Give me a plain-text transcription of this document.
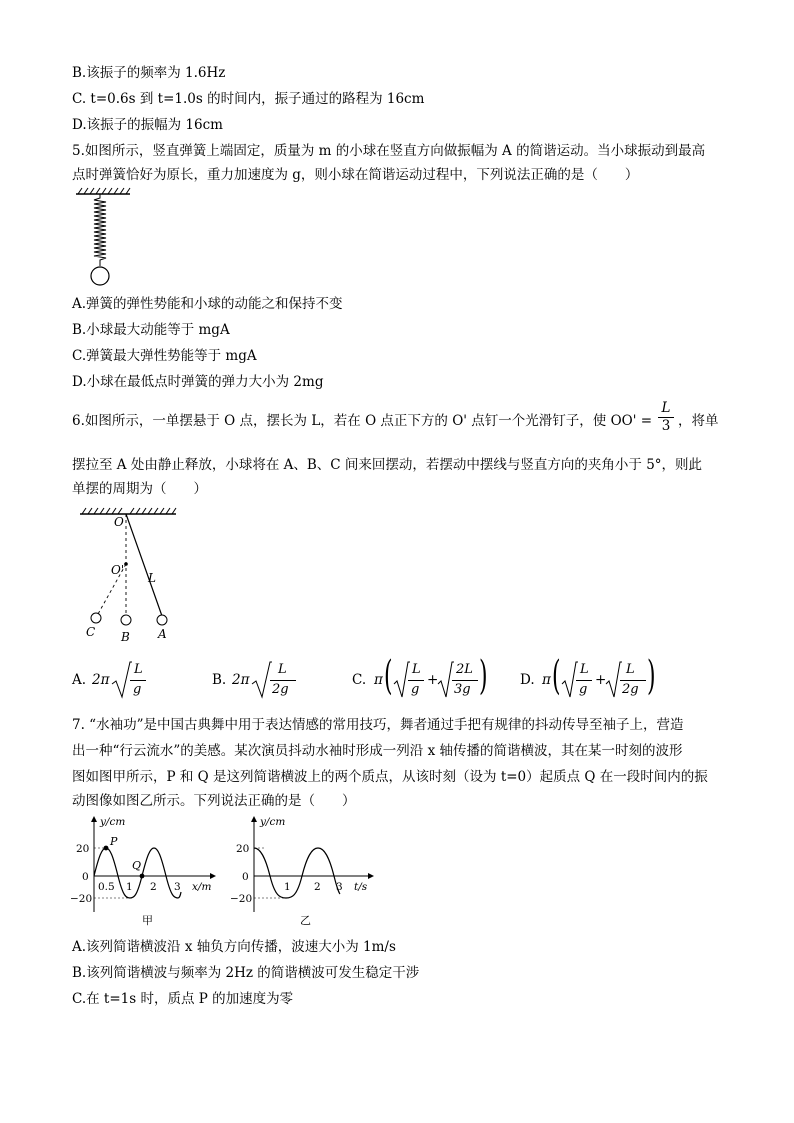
B.该振子的频率为 1.6Hz
C. t=0.6s 到 t=1.0s 的时间内，振子通过的路程为 16cm
D.该振子的振幅为 16cm
5.如图所示，竖直弹簧上端固定，质量为 m 的小球在竖直方向做振幅为 A 的简谐运动。当小球振动到最高
点时弹簧恰好为原长，重力加速度为 g，则小球在简谐运动过程中，下列说法正确的是（　　）
A.弹簧的弹性势能和小球的动能之和保持不变
B.小球最大动能等于 mgA
C.弹簧最大弹性势能等于 mgA
D.小球在最低点时弹簧的弹力大小为 2mg
6.如图所示，一单摆悬于 O 点，摆长为 L，若在 O 点正下方的 O' 点钉一个光滑钉子，使 OO' =
L
3 ，将单
摆拉至 A 处由静止释放，小球将在 A、B、C 间来回摆动，若摆动中摆线与竖直方向的夹角小于 5°，则此
单摆的周期为（　　）
O
O'
L
A
B
C
A. 2π
L
g
B. 2π
L
2g
C. π ( L
g
+
2L
3g ) D. π ( L
g
+
L
2g )
7. “水袖功”是中国古典舞中用于表达情感的常用技巧，舞者通过手把有规律的抖动传导至袖子上，营造
出一种“行云流水”的美感。某次演员抖动水袖时形成一列沿 x 轴传播的简谐横波，其在某一时刻的波形
图如图甲所示，P 和 Q 是这列简谐横波上的两个质点，从该时刻（设为 t=0）起质点 Q 在一段时间内的振
动图像如图乙所示。下列说法正确的是（　　）
P
Q
y/cm
x/m
20
0
−20
0.5 1 2 3
甲
y/cm
t/s
20
0
−20
1 2 3
乙
A.该列简谐横波沿 x 轴负方向传播，波速大小为 1m/s
B.该列简谐横波与频率为 2Hz 的简谐横波可发生稳定干涉
C.在 t=1s 时，质点 P 的加速度为零
